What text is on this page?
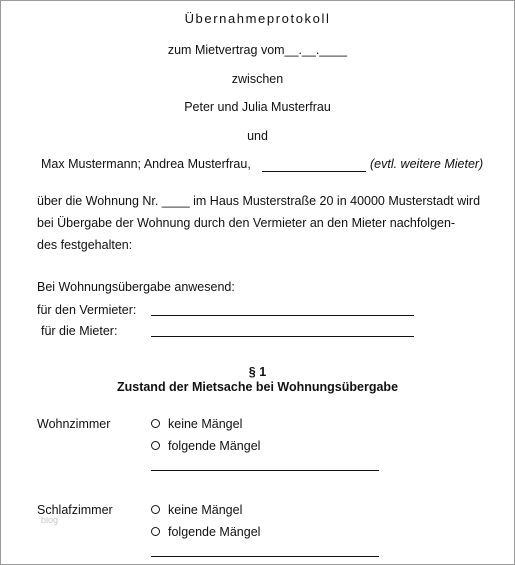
Übernahmeprotokoll
zum Mietvertrag vom__.__.____
zwischen
Peter und Julia Musterfrau
und
Max Mustermann; Andrea Musterfrau,	(evtl. weitere Mieter)
über die Wohnung Nr. ____ im Haus Musterstraße 20 in 40000 Musterstadt wird
bei Übergabe der Wohnung durch den Vermieter an den Mieter nachfolgen-
des festgehalten:
Bei Wohnungsübergabe anwesend:
für den Vermieter:
für die Mieter:
§ 1
Zustand der Mietsache bei Wohnungsübergabe
Wohnzimmer	keine Mängel
folgende Mängel
Schlafzimmer
blog
keine Mängel
folgende Mängel
